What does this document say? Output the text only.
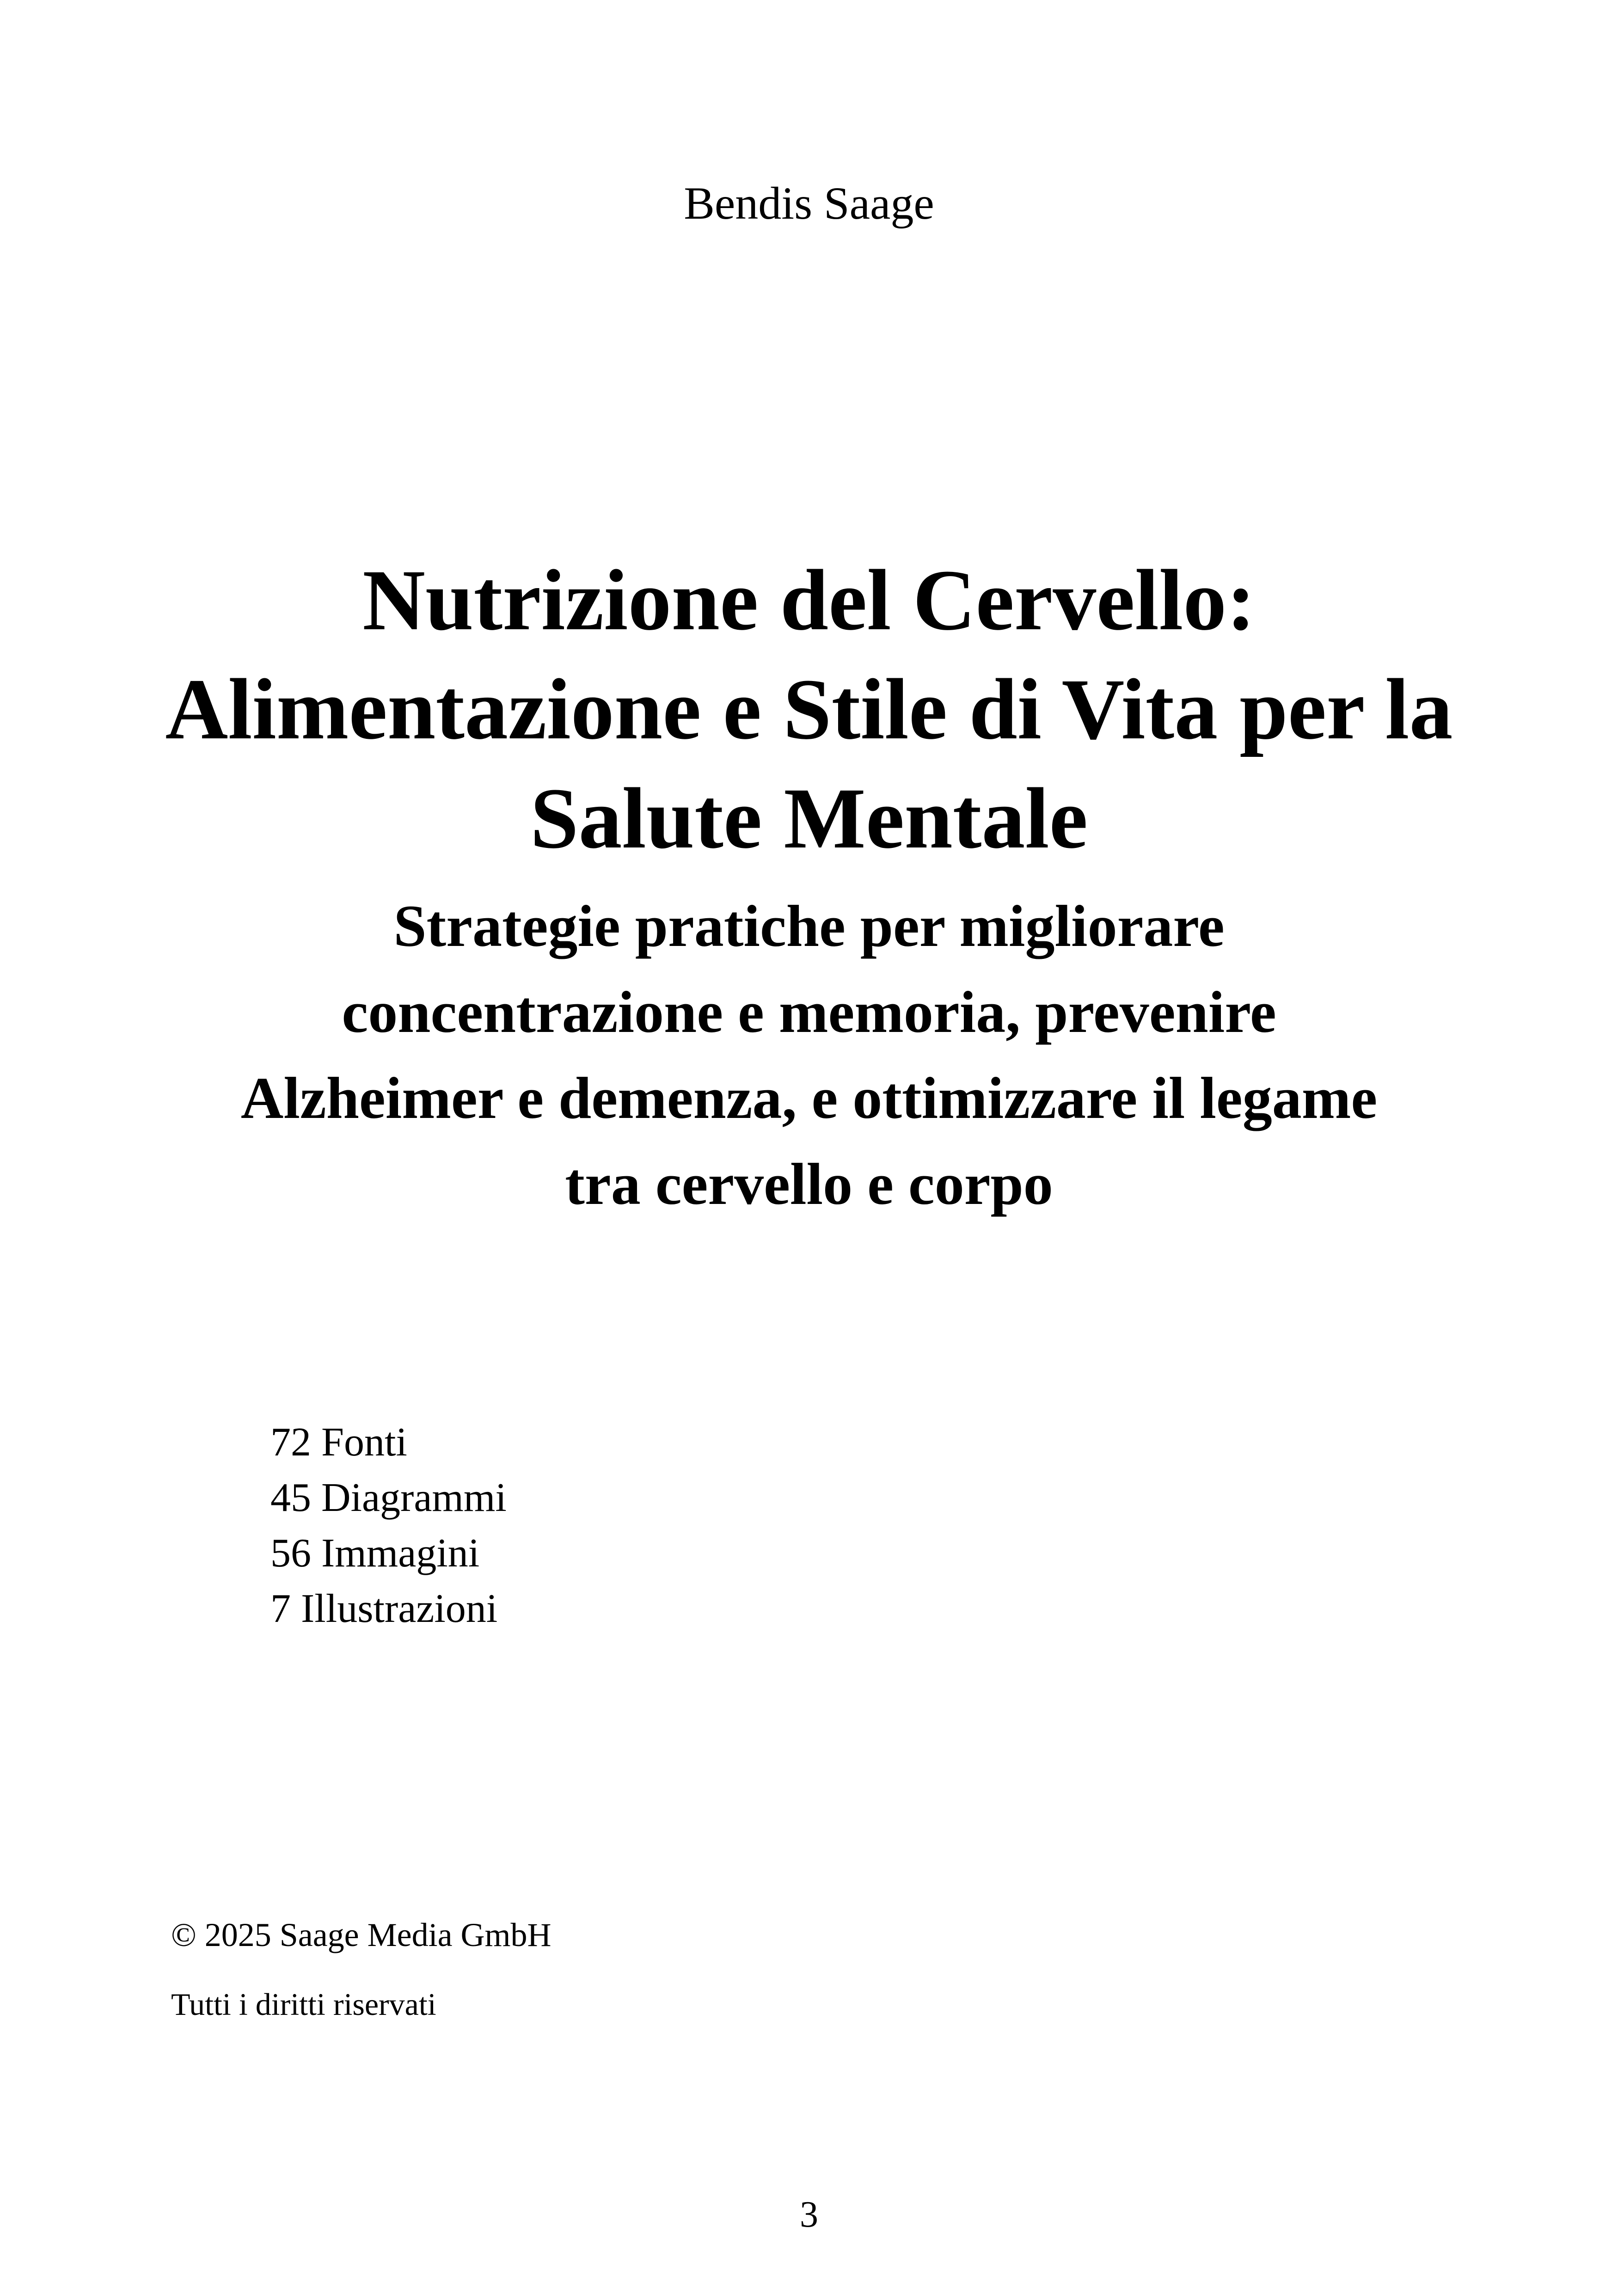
Bendis Saage
Nutrizione del Cervello:
Alimentazione e Stile di Vita per la
Salute Mentale
Strategie pratiche per migliorare
concentrazione e memoria, prevenire
Alzheimer e demenza, e ottimizzare il legame
tra cervello e corpo
72 Fonti
45 Diagrammi
56 Immagini
7 Illustrazioni
© 2025 Saage Media GmbH
Tutti i diritti riservati
3
